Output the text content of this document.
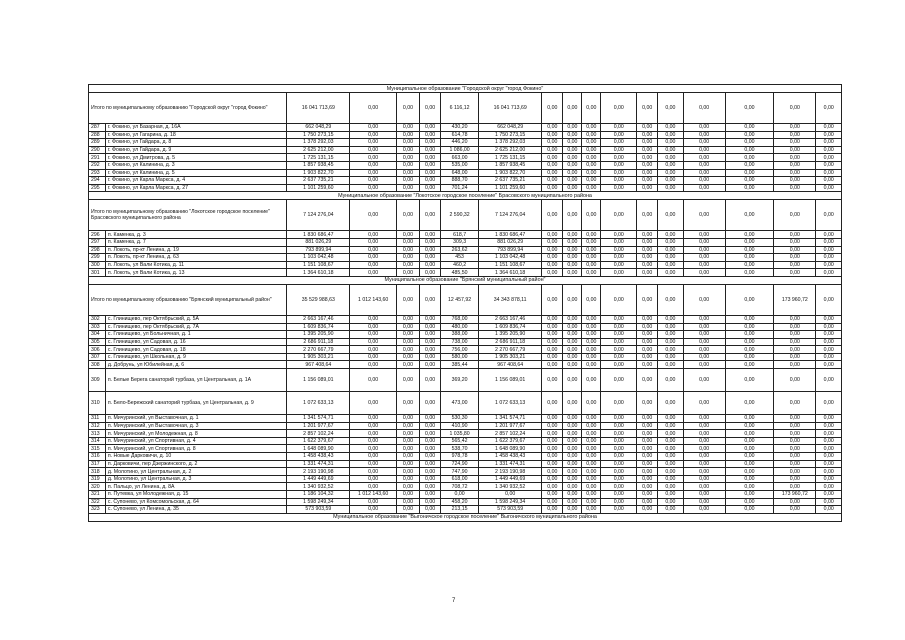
Муниципальное образование "Городской округ "город Фокино"																	
Итого по муниципальному образованию "Городской округ "город Фокино"		16 041 713,69	0,00	0,00	0,00	6 116,12	16 041 713,69	0,00	0,00	0,00	0,00	0,00	0,00	0,00	0,00	0,00	0,00
287	г. Фокино, ул Базарная, д. 16А	662 048,29	0,00	0,00	0,00	430,20	662 048,29	0,00	0,00	0,00	0,00	0,00	0,00	0,00	0,00	0,00	0,00
288	г. Фокино, ул Гагарина, д. 18	1 750 273,15	0,00	0,00	0,00	614,78	1 750 273,15	0,00	0,00	0,00	0,00	0,00	0,00	0,00	0,00	0,00	0,00
289	г. Фокино, ул Гайдара, д. 8	1 378 292,03	0,00	0,00	0,00	446,20	1 378 292,03	0,00	0,00	0,00	0,00	0,00	0,00	0,00	0,00	0,00	0,00
290	г. Фокино, ул Гайдара, д. 9	2 625 212,00	0,00	0,00	0,00	1 086,00	2 625 212,00	0,00	0,00	0,00	0,00	0,00	0,00	0,00	0,00	0,00	0,00
291	г. Фокино, ул Дмитрова, д. 5	1 725 131,15	0,00	0,00	0,00	663,00	1 725 131,15	0,00	0,00	0,00	0,00	0,00	0,00	0,00	0,00	0,00	0,00
292	г. Фокино, ул Калинина, д. 3	1 857 938,45	0,00	0,00	0,00	535,00	1 857 938,45	0,00	0,00	0,00	0,00	0,00	0,00	0,00	0,00	0,00	0,00
293	г. Фокино, ул Калинина, д. 5	1 903 822,70	0,00	0,00	0,00	648,00	1 903 822,70	0,00	0,00	0,00	0,00	0,00	0,00	0,00	0,00	0,00	0,00
294	г. Фокино, ул Карла Маркса, д. 4	2 637 735,21	0,00	0,00	0,00	888,70	2 637 735,21	0,00	0,00	0,00	0,00	0,00	0,00	0,00	0,00	0,00	0,00
295	г. Фокино, ул Карла Маркса, д. 27	1 101 259,60	0,00	0,00	0,00	701,24	1 101 259,60	0,00	0,00	0,00	0,00	0,00	0,00	0,00	0,00	0,00	0,00
Муниципальное образование "Локотское городское поселение" Брасовского муниципального района																	
Итого по муниципальному образованию "Локотское городское поселение" Брасовского муниципального района		7 124 276,04	0,00	0,00	0,00	2 590,32	7 124 276,04	0,00	0,00	0,00	0,00	0,00	0,00	0,00	0,00	0,00	0,00
296	п. Каменка, д. 3	1 830 686,47	0,00	0,00	0,00	618,7	1 830 686,47	0,00	0,00	0,00	0,00	0,00	0,00	0,00	0,00	0,00	0,00
297	п. Каменка, д. 7	881 026,29	0,00	0,00	0,00	309,3	881 026,29	0,00	0,00	0,00	0,00	0,00	0,00	0,00	0,00	0,00	0,00
298	п. Локоть, пр-кт Ленина, д. 19	793 899,94	0,00	0,00	0,00	263,62	793 899,94	0,00	0,00	0,00	0,00	0,00	0,00	0,00	0,00	0,00	0,00
299	п. Локоть, пр-кт Ленина, д. 63	1 103 042,48	0,00	0,00	0,00	453	1 103 042,48	0,00	0,00	0,00	0,00	0,00	0,00	0,00	0,00	0,00	0,00
300	п. Локоть, ул Вали Котика, д. 11	1 151 108,67	0,00	0,00	0,00	460,2	1 151 108,67	0,00	0,00	0,00	0,00	0,00	0,00	0,00	0,00	0,00	0,00
301	п. Локоть, ул Вали Котика, д. 13	1 364 610,18	0,00	0,00	0,00	485,50	1 364 610,18	0,00	0,00	0,00	0,00	0,00	0,00	0,00	0,00	0,00	0,00
Муниципальное образование "Брянский муниципальный район"																	
Итого по муниципальному образованию "Брянский муниципальный район"		35 529 988,63	1 012 143,60	0,00	0,00	12 457,92	34 343 878,11	0,00	0,00	0,00	0,00	0,00	0,00	0,00	0,00	173 960,72	0,00
302	с. Глинищево, пер Октябрьский, д. 5А	2 663 167,46	0,00	0,00	0,00	768,00	2 663 167,46	0,00	0,00	0,00	0,00	0,00	0,00	0,00	0,00	0,00	0,00
303	с. Глинищево, пер Октябрьский, д. 7А	1 609 836,74	0,00	0,00	0,00	480,00	1 609 836,74	0,00	0,00	0,00	0,00	0,00	0,00	0,00	0,00	0,00	0,00
304	с. Глинищево, ул Больничная, д. 1	1 395 205,90	0,00	0,00	0,00	388,00	1 395 205,90	0,00	0,00	0,00	0,00	0,00	0,00	0,00	0,00	0,00	0,00
305	с. Глинищево, ул Садовая, д. 16	2 686 911,18	0,00	0,00	0,00	738,00	2 686 911,18	0,00	0,00	0,00	0,00	0,00	0,00	0,00	0,00	0,00	0,00
306	с. Глинищево, ул Садовая, д. 18	2 270 667,79	0,00	0,00	0,00	756,00	2 270 667,79	0,00	0,00	0,00	0,00	0,00	0,00	0,00	0,00	0,00	0,00
307	с. Глинищево, ул Школьная, д. 9	1 905 303,21	0,00	0,00	0,00	580,00	1 905 303,21	0,00	0,00	0,00	0,00	0,00	0,00	0,00	0,00	0,00	0,00
308	д. Добрунь, ул Юбилейная, д. 6	967 408,64	0,00	0,00	0,00	385,44	967 408,64	0,00	0,00	0,00	0,00	0,00	0,00	0,00	0,00	0,00	0,00
309	п. Белые Берега санаторий турбаза, ул Центральная, д. 1А	1 156 089,01	0,00	0,00	0,00	369,20	1 156 089,01	0,00	0,00	0,00	0,00	0,00	0,00	0,00	0,00	0,00	0,00
310	п. Бело-Бережский санаторий турбаза, ул Центральная, д. 9	1 072 633,13	0,00	0,00	0,00	473,00	1 072 633,13	0,00	0,00	0,00	0,00	0,00	0,00	0,00	0,00	0,00	0,00
311	п. Мичуринский, ул Выставочная, д. 1	1 341 574,71	0,00	0,00	0,00	530,30	1 341 574,71	0,00	0,00	0,00	0,00	0,00	0,00	0,00	0,00	0,00	0,00
312	п. Мичуринский, ул Выставочная, д. 3	1 201 977,67	0,00	0,00	0,00	410,90	1 201 977,67	0,00	0,00	0,00	0,00	0,00	0,00	0,00	0,00	0,00	0,00
313	п. Мичуринский, ул Молодежная, д. 8	2 857 102,24	0,00	0,00	0,00	1 035,80	2 857 102,24	0,00	0,00	0,00	0,00	0,00	0,00	0,00	0,00	0,00	0,00
314	п. Мичуринский, ул Спортивная, д. 4	1 622 379,67	0,00	0,00	0,00	565,42	1 622 379,67	0,00	0,00	0,00	0,00	0,00	0,00	0,00	0,00	0,00	0,00
315	п. Мичуринский, ул Спортивная, д. 8	1 648 089,90	0,00	0,00	0,00	538,70	1 648 089,90	0,00	0,00	0,00	0,00	0,00	0,00	0,00	0,00	0,00	0,00
316	п. Новые Дарковичи, д. 10	1 458 438,43	0,00	0,00	0,00	978,78	1 458 438,43	0,00	0,00	0,00	0,00	0,00	0,00	0,00	0,00	0,00	0,00
317	п. Дарковичи, пер Дзержинского, д. 2	1 331 474,31	0,00	0,00	0,00	724,90	1 331 474,31	0,00	0,00	0,00	0,00	0,00	0,00	0,00	0,00	0,00	0,00
318	д. Молотино, ул Центральная, д. 2	2 193 190,98	0,00	0,00	0,00	747,90	2 193 190,98	0,00	0,00	0,00	0,00	0,00	0,00	0,00	0,00	0,00	0,00
319	д. Молотино, ул Центральная, д. 3	1 449 449,69	0,00	0,00	0,00	618,00	1 449 449,69	0,00	0,00	0,00	0,00	0,00	0,00	0,00	0,00	0,00	0,00
320	п. Пальцо, ул Ленина, д. 8А	1 340 932,52	0,00	0,00	0,00	708,72	1 340 932,52	0,00	0,00	0,00	0,00	0,00	0,00	0,00	0,00	0,00	0,00
321	п. Путевка, ул Молодежная, д. 15	1 186 104,32	1 012 143,60	0,00	0,00	0,00	0,00	0,00	0,00	0,00	0,00	0,00	0,00	0,00	0,00	173 960,72	0,00
322	с. Супонево, ул Комсомольская, д. 64	1 598 249,34	0,00	0,00	0,00	458,20	1 598 249,34	0,00	0,00	0,00	0,00	0,00	0,00	0,00	0,00	0,00	0,00
323	с. Супонево, ул Ленина, д. 35	573 903,59	0,00	0,00	0,00	213,15	573 903,59	0,00	0,00	0,00	0,00	0,00	0,00	0,00	0,00	0,00	0,00
Муниципальное образование "Выгоничское городское поселение" Выгоничского муниципального района																	
7
